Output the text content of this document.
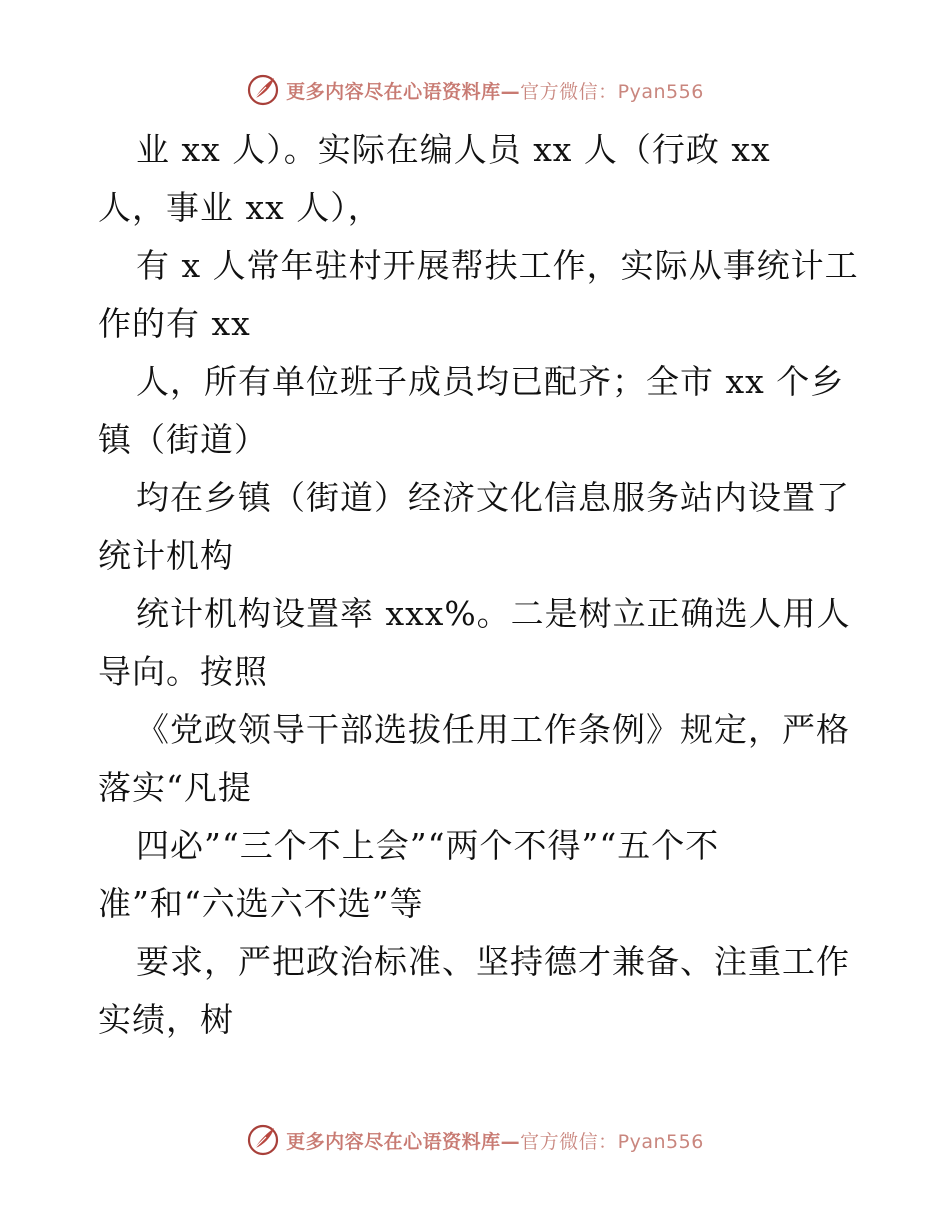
更多内容尽在心语资料库—官方微信：Pyan556
业 xx 人）。实际在编人员 xx 人（行政 xx
人，事业 xx 人），
有 x 人常年驻村开展帮扶工作，实际从事统计工
作的有 xx
人，所有单位班子成员均已配齐；全市 xx 个乡
镇（街道）
均在乡镇（街道）经济文化信息服务站内设置了
统计机构
统计机构设置率 xxx%。二是树立正确选人用人
导向。按照
《党政领导干部选拔任用工作条例》规定，严格
落实“凡提
四必”“三个不上会”“两个不得”“五个不
准”和“六选六不选”等
要求，严把政治标准、坚持德才兼备、注重工作
实绩，树
更多内容尽在心语资料库—官方微信：Pyan556
